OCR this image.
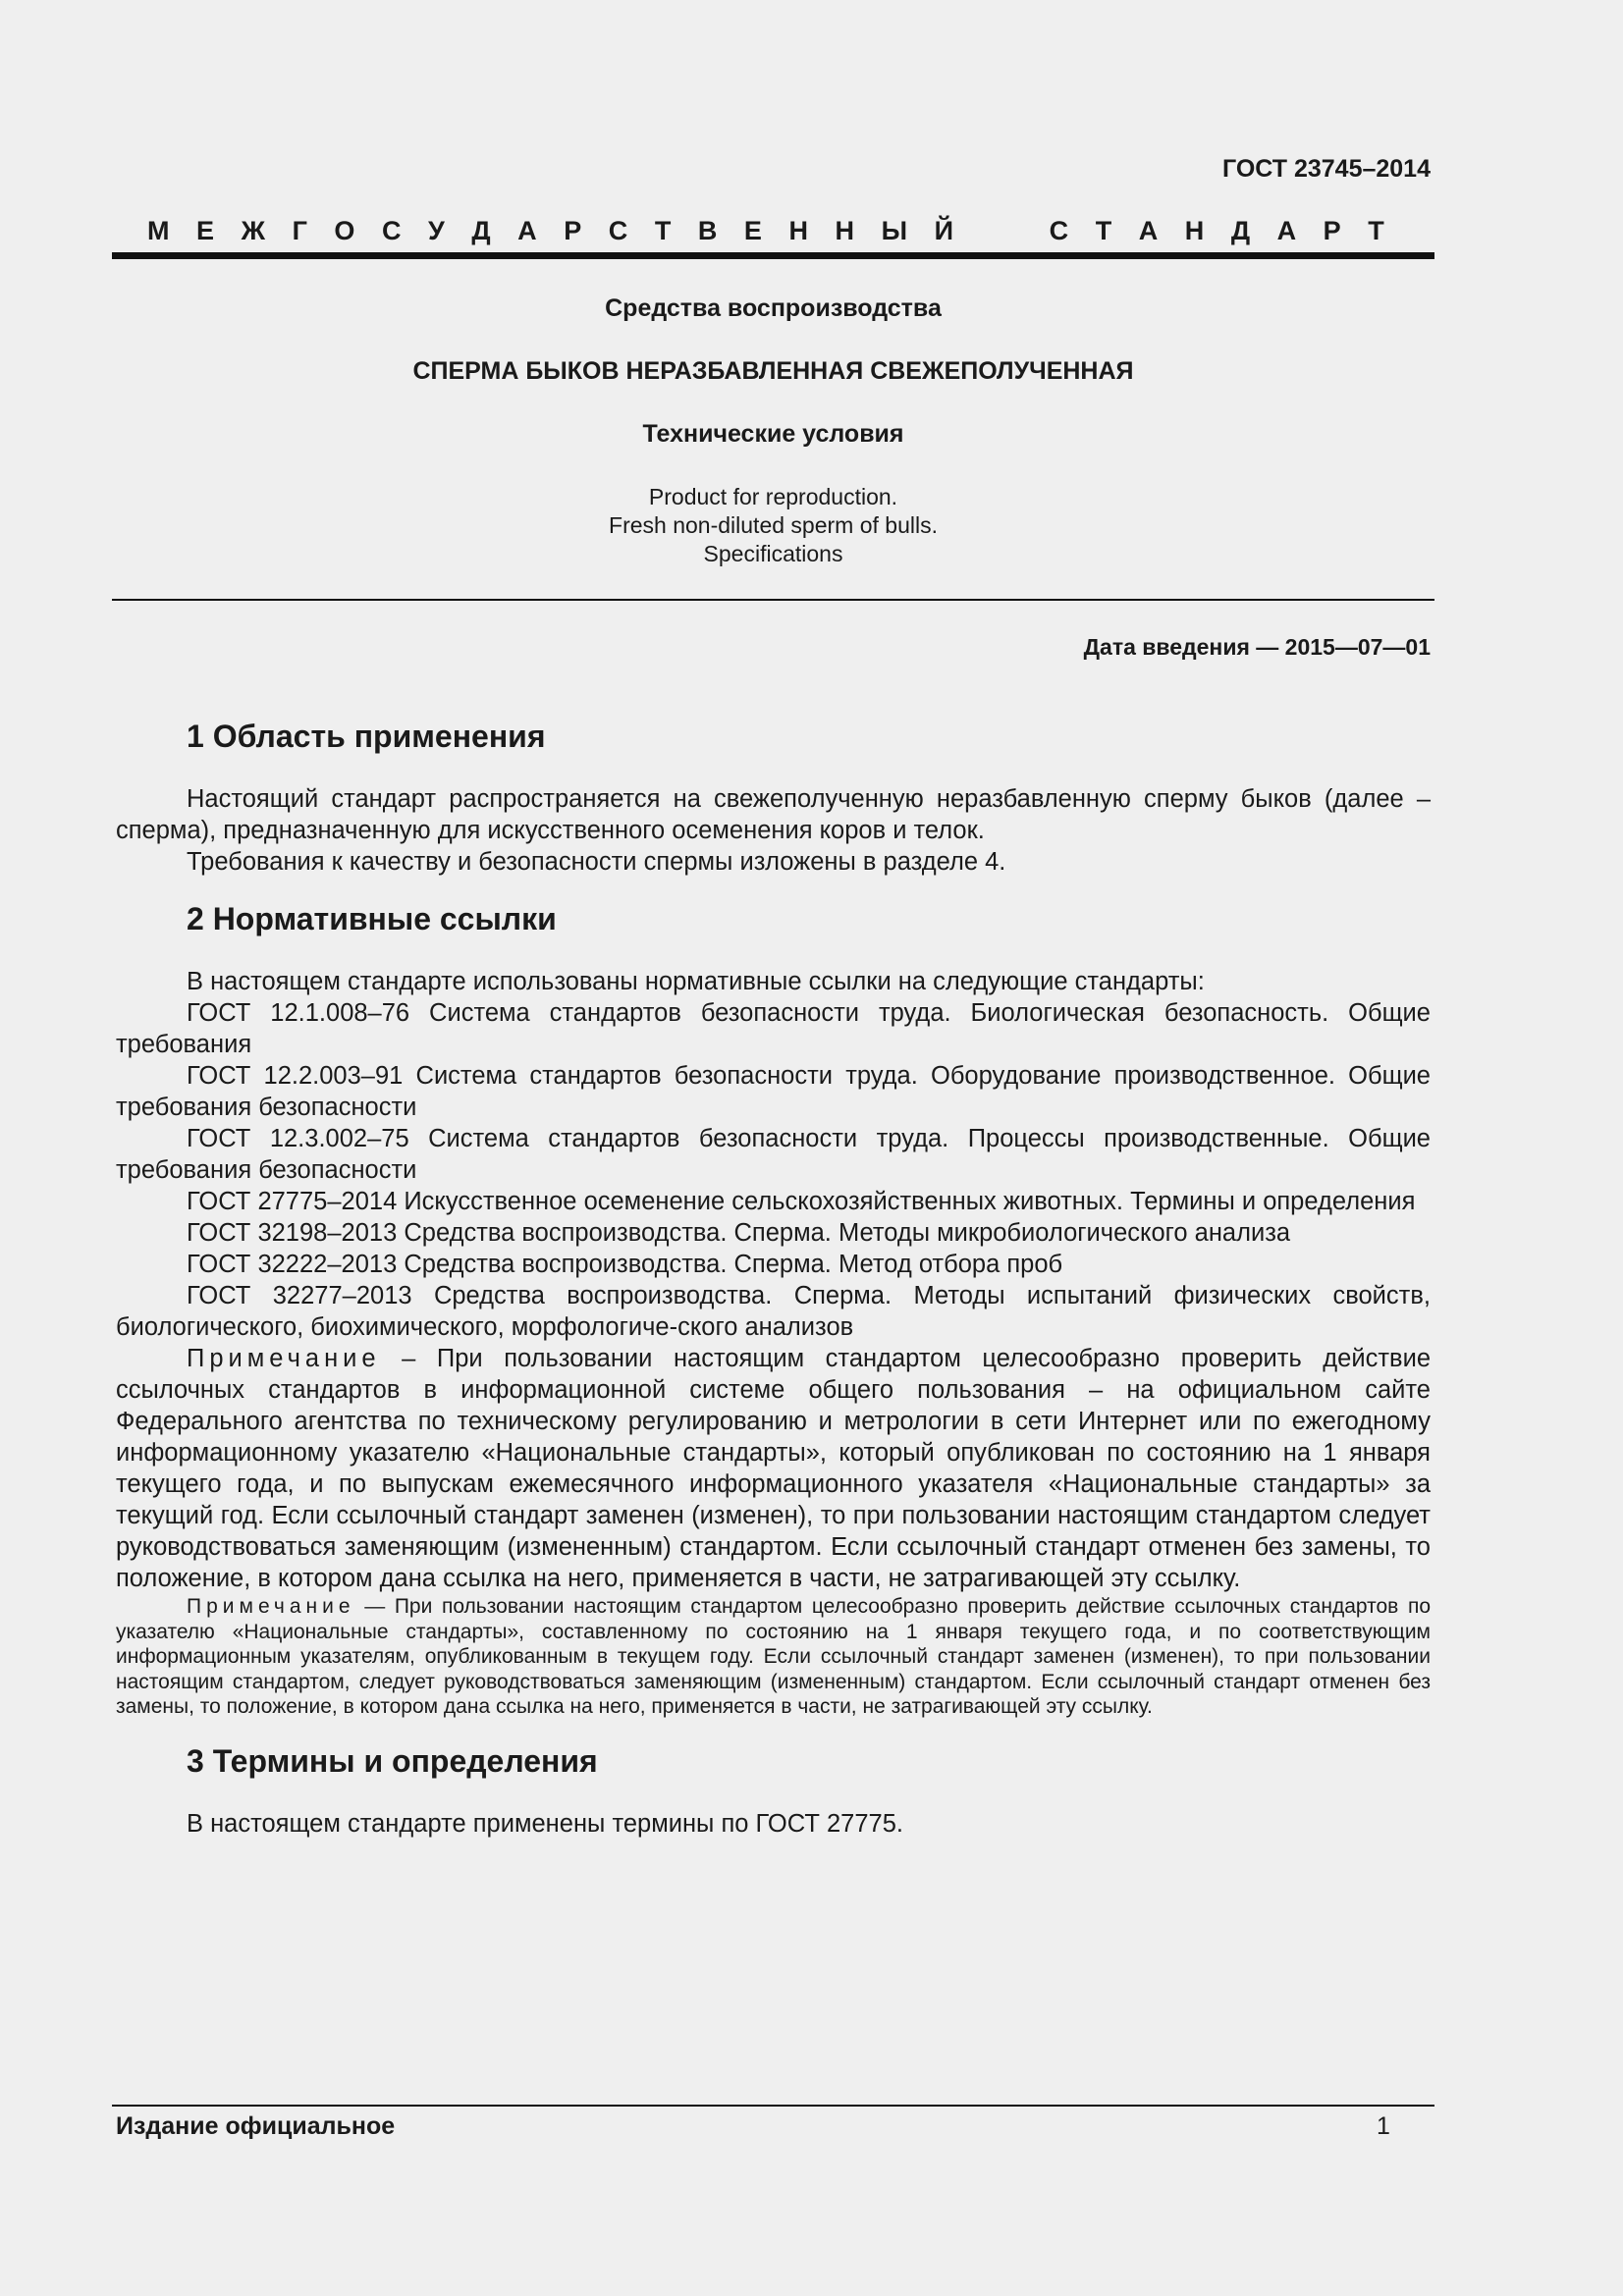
ГОСТ 23745–2014
М Е Ж Г О С У Д А Р С Т В Е Н Н Ы Й

	С Т А Н Д А Р Т
Средства воспроизводства
СПЕРМА БЫКОВ НЕРАЗБАВЛЕННАЯ СВЕЖЕПОЛУЧЕННАЯ
Технические условия
Product for reproduction.
Fresh non-diluted sperm of bulls.
Specifications
Дата введения — 2015—07—01
1 Область применения

Настоящий стандарт распространяется на свежеполученную неразбавленную сперму быков (далее – сперма), предназначенную для искусственного осеменения коров и телок.

Требования к качеству и безопасности спермы изложены в разделе 4.

2 Нормативные ссылки

В настоящем стандарте использованы нормативные ссылки на следующие стандарты:

ГОСТ 12.1.008–76 Система стандартов безопасности труда. Биологическая безопасность. Общие требования

ГОСТ 12.2.003–91 Система стандартов безопасности труда. Оборудование производственное. Общие требования безопасности

ГОСТ 12.3.002–75 Система стандартов безопасности труда. Процессы производственные. Общие требования безопасности

ГОСТ 27775–2014 Искусственное осеменение сельскохозяйственных животных. Термины и определения

ГОСТ 32198–2013 Средства воспроизводства. Сперма. Методы микробиологического анализа

ГОСТ 32222–2013 Средства воспроизводства. Сперма. Метод отбора проб

ГОСТ 32277–2013 Средства воспроизводства. Сперма. Методы испытаний физических свойств, биологического, биохимического, морфологиче-ского анализов

Примечание – При пользовании настоящим стандартом целесообразно проверить действие ссылочных стандартов в информационной системе общего пользования – на официальном сайте Федерального агентства по техническому регулированию и метрологии в сети Интернет или по ежегодному информационному указателю «Национальные стандарты», который опубликован по состоянию на 1 января текущего года, и по выпускам ежемесячного информационного указателя «Национальные стандарты» за текущий год. Если ссылочный стандарт заменен (изменен), то при пользовании настоящим стандартом следует руководствоваться заменяющим (измененным) стандартом. Если ссылочный стандарт отменен без замены, то положение, в котором дана ссылка на него, применяется в части, не затрагивающей эту ссылку.

Примечание — При пользовании настоящим стандартом целесообразно проверить действие ссылочных стандартов по указателю «Национальные стандарты», составленному по состоянию на 1 января текущего года, и по соответствующим информационным указателям, опубликованным в текущем году. Если ссылочный стандарт заменен (изменен), то при пользовании настоящим стандартом, следует руководствоваться заменяющим (измененным) стандартом. Если ссылочный стандарт отменен без замены, то положение, в котором дана ссылка на него, применяется в части, не затрагивающей эту ссылку.

3 Термины и определения

В настоящем стандарте применены термины по ГОСТ 27775.

Издание официальное	1
